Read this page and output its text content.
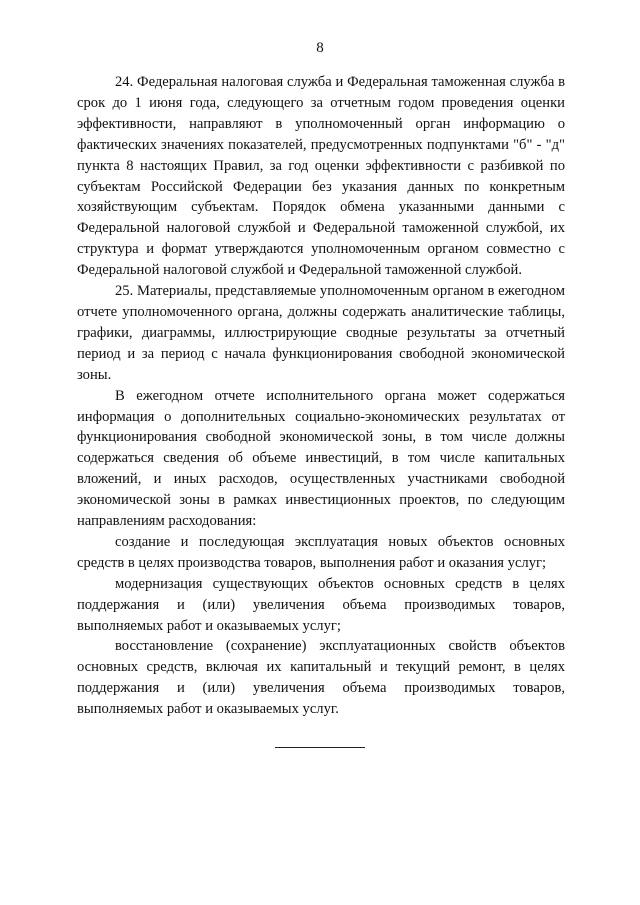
8

24. Федеральная налоговая служба и Федеральная таможенная служба в срок до 1 июня года, следующего за отчетным годом проведения оценки эффективности, направляют в уполномоченный орган информацию о фактических значениях показателей, предусмотренных подпунктами "б" - "д" пункта 8 настоящих Правил, за год оценки эффективности с разбивкой по субъектам Российской Федерации без указания данных по конкретным хозяйствующим субъектам. Порядок обмена указанными данными с Федеральной налоговой службой и Федеральной таможенной службой, их структура и формат утверждаются уполномоченным органом совместно с Федеральной налоговой службой и Федеральной таможенной службой.

25. Материалы, представляемые уполномоченным органом в ежегодном отчете уполномоченного органа, должны содержать аналитические таблицы, графики, диаграммы, иллюстрирующие сводные результаты за отчетный период и за период с начала функционирования свободной экономической зоны.

В ежегодном отчете исполнительного органа может содержаться информация о дополнительных социально-экономических результатах от функционирования свободной экономической зоны, в том числе должны содержаться сведения об объеме инвестиций, в том числе капитальных вложений, и иных расходов, осуществленных участниками свободной экономической зоны в рамках инвестиционных проектов, по следующим направлениям расходования:

создание и последующая эксплуатация новых объектов основных средств в целях производства товаров, выполнения работ и оказания услуг;

модернизация существующих объектов основных средств в целях поддержания и (или) увеличения объема производимых товаров, выполняемых работ и оказываемых услуг;

восстановление (сохранение) эксплуатационных свойств объектов основных средств, включая их капитальный и текущий ремонт, в целях поддержания и (или) увеличения объема производимых товаров, выполняемых работ и оказываемых услуг.
